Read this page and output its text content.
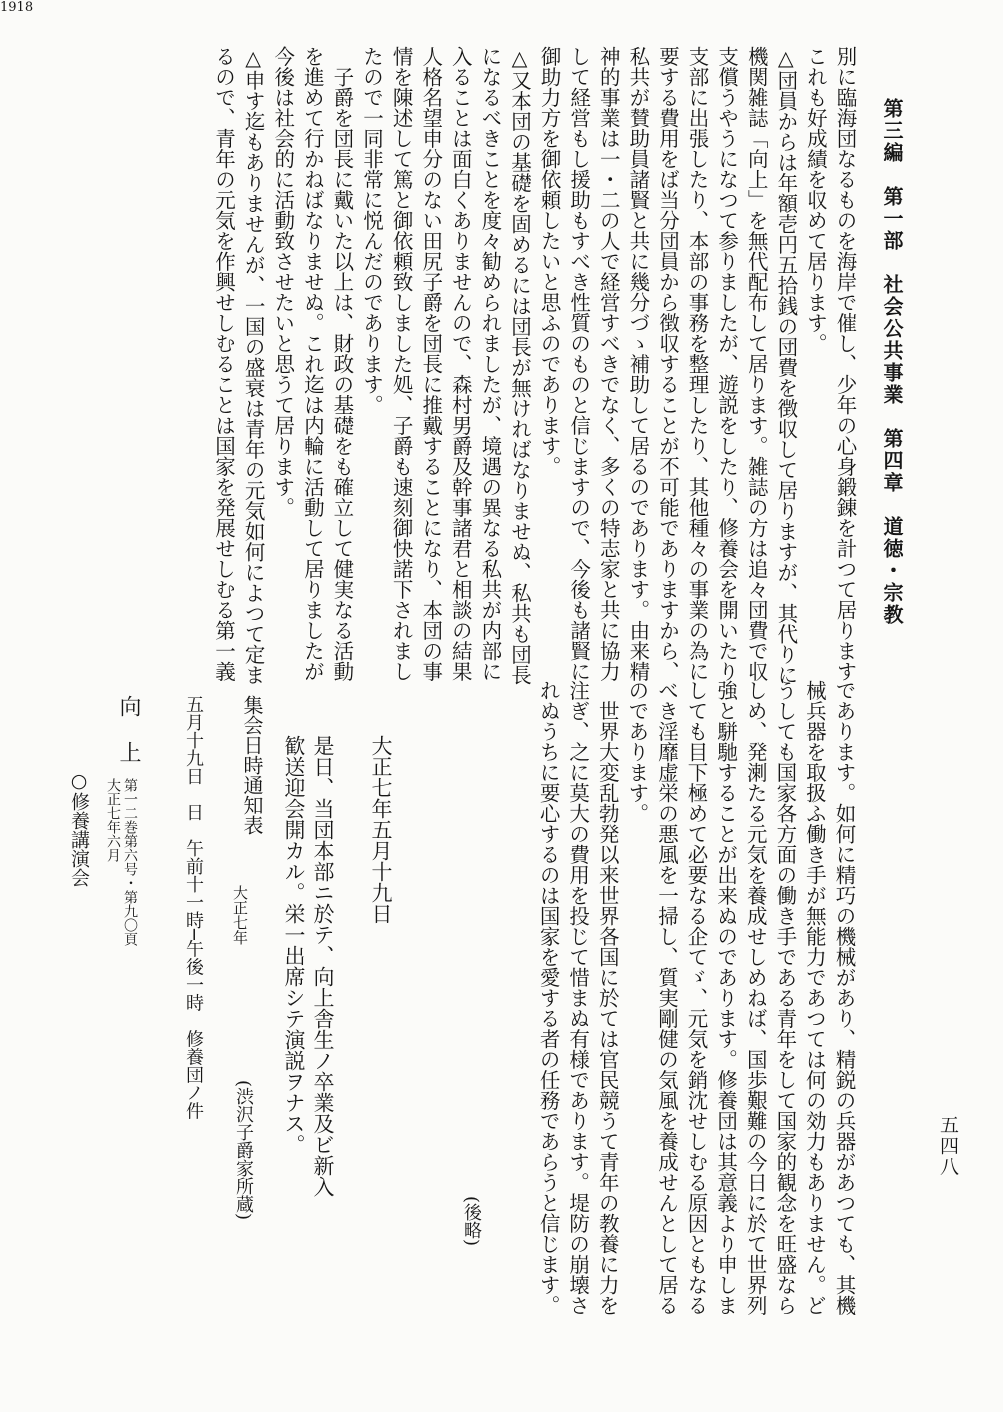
第三編　第一部　社会公共事業　第四章　道徳・宗教
五四八

別に臨海団なるものを海岸で催し、少年の心身鍛錬を計つて居ります

これも好成績を収めて居ります。

△団員からは年額壱円五拾銭の団費を徴収して居りますが、其代りに

機関雑誌「向上」を無代配布して居ります。雑誌の方は追々団費で収

支償うやうになつて参りましたが、遊説をしたり、修養会を開いたり

支部に出張したり、本部の事務を整理したり、其他種々の事業の為に

要する費用をば当分団員から徴収することが不可能でありますから、

私共が賛助員諸賢と共に幾分づゝ補助して居るのであります。由来精

神的事業は一・二の人で経営すべきでなく、多くの特志家と共に協力

して経営もし援助もすべき性質のものと信じますので、今後も諸賢に

御助力方を御依頼したいと思ふのであります。

△又本団の基礎を固めるには団長が無ければなりませぬ、私共も団長

になるべきことを度々勧められましたが、境遇の異なる私共が内部に

入ることは面白くありませんので、森村男爵及幹事諸君と相談の結果

人格名望申分のない田尻子爵を団長に推戴することになり、本団の事

情を陳述して篤と御依頼致しました処、子爵も速刻御快諾下されまし

たので一同非常に悦んだのであります。

　子爵を団長に戴いた以上は、財政の基礎をも確立して健実なる活動

を進めて行かねばなりませぬ。これ迄は内輪に活動して居りましたが

今後は社会的に活動致させたいと思うて居ります。

△申す迄もありませんが、一国の盛衰は青年の元気如何によつて定ま

るので、青年の元気を作興せしむることは国家を発展せしむる第一義

であります。如何に精巧の機械があり、精鋭の兵器があつても、其機

械兵器を取扱ふ働き手が無能力であつては何の効力もありません。ど

うしても国家各方面の働き手である青年をして国家的観念を旺盛なら

しめ、発溂たる元気を養成せしめねば、国歩艱難の今日に於て世界列

強と駢馳することが出来ぬのであります。修養団は其意義より申しま

しても目下極めて必要なる企てゞ、元気を銷沈せしむる原因ともなる

べき淫靡虚栄の悪風を一掃し、質実剛健の気風を養成せんとして居る

のであります。

　世界大変乱勃発以来世界各国に於ては官民競うて青年の教養に力を

注ぎ、之に莫大の費用を投じて惜まぬ有様であります。堤防の崩壊さ

れぬうちに要心するのは国家を愛する者の任務であらうと信じます。

(後略)
1918
大正七年五月十九日

是日、当団本部ニ於テ、向上舎生ノ卒業及ビ新入

歓送迎会開カル。栄一出席シテ演説ヲナス。

集会日時通知表
大正七年
(渋沢子爵家所蔵)
五月十九日　日　午前十一時─午後一時　修養団ノ件
向上
第一二巻第六号・第九〇頁
大正七年六月
○修養講演会
